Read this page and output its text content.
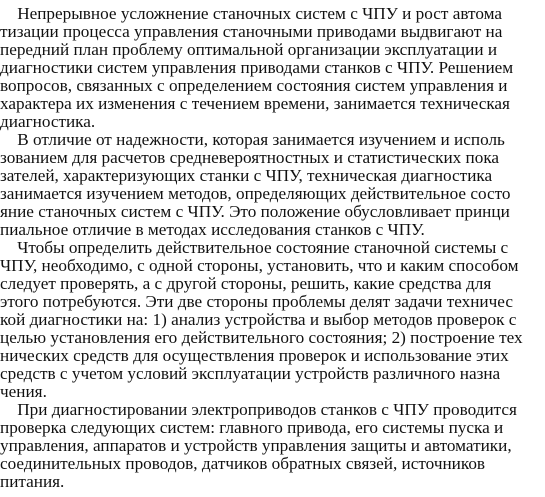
Непрерывное усложнение станочных систем с ЧПУ и рост автома
тизации процесса управления станочными приводами выдвигают на
передний план проблему оптимальной организации эксплуатации и
диагностики систем управления приводами станков с ЧПУ. Решением
вопросов, связанных с определением состояния систем управления и
характера их изменения с течением времени, занимается техническая
диагностика.
В отличие от надежности, которая занимается изучением и исполь
зованием для расчетов средневероятностных и статистических пока
зателей, характеризующих станки с ЧПУ, техническая диагностика
занимается изучением методов, определяющих действительное состо
яние станочных систем с ЧПУ. Это положение обусловливает принци
пиальное отличие в методах исследования станков с ЧПУ.
Чтобы определить действительное состояние станочной системы с
ЧПУ, необходимо, с одной стороны, установить, что и каким способом
следует проверять, а с другой стороны, решить, какие средства для
этого потребуются. Эти две стороны проблемы делят задачи техничес
кой диагностики на: 1) анализ устройства и выбор методов проверок с
целью установления его действительного состояния; 2) построение тех
нических средств для осуществления проверок и использование этих
средств с учетом условий эксплуатации устройств различного назна
чения.
При диагностировании электроприводов станков с ЧПУ проводится
проверка следующих систем: главного привода, его системы пуска и
управления, аппаратов и устройств управления защиты и автоматики,
соединительных проводов, датчиков обратных связей, источников
питания.
